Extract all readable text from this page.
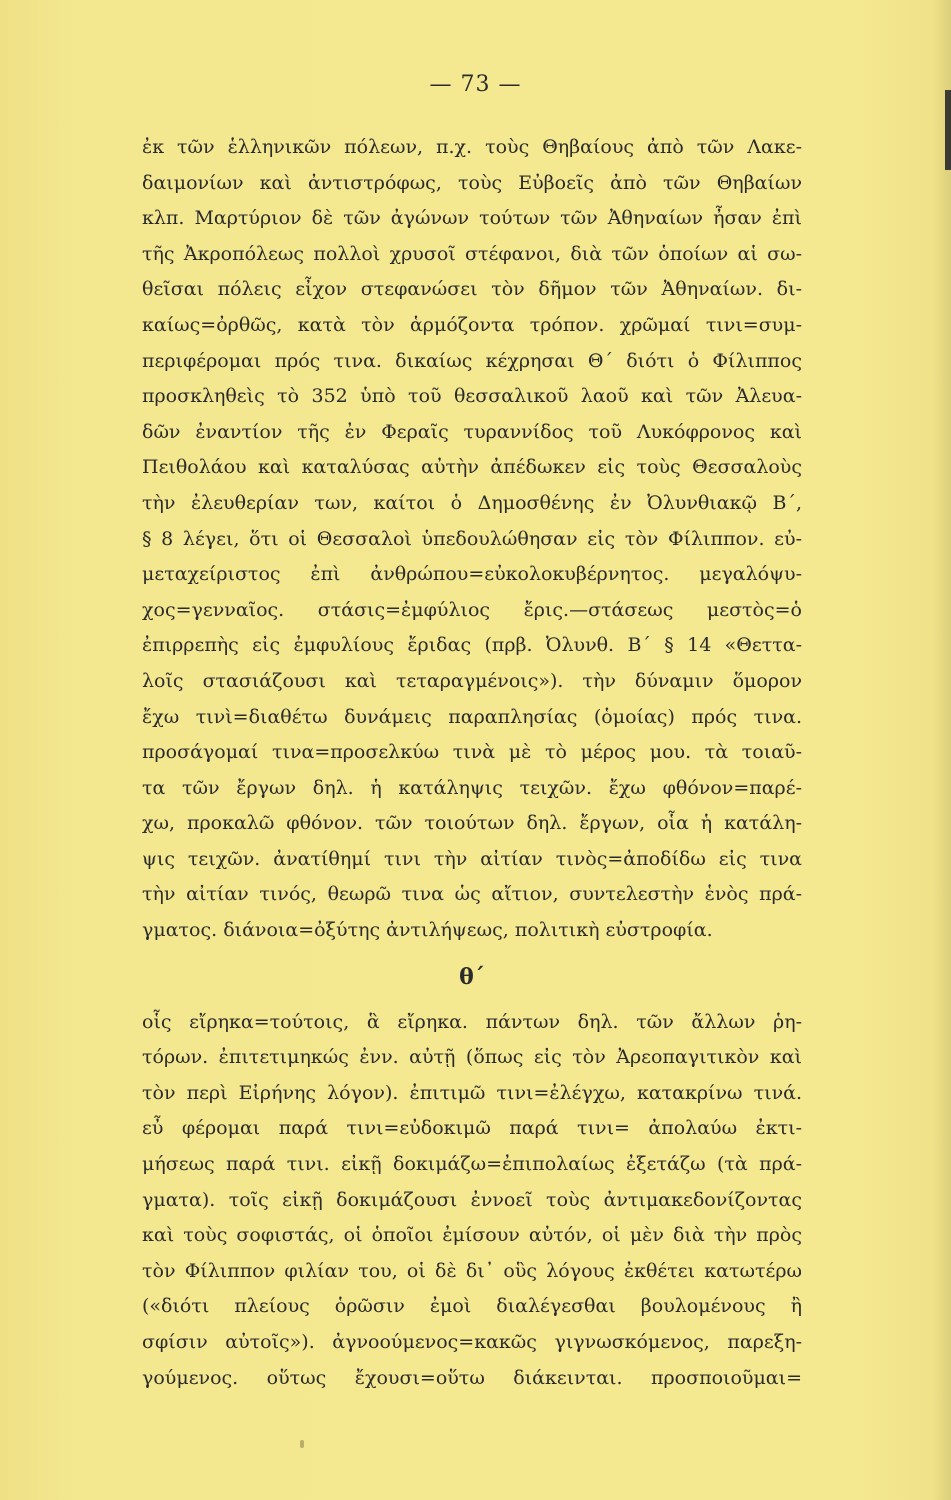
— 73 —
ἐκ τῶν ἑλληνικῶν πόλεων, π.χ. τοὺς Θηβαίους ἀπὸ τῶν Λακε-
δαιμονίων καὶ ἀντιστρόφως, τοὺς Εὐβοεῖς ἀπὸ τῶν Θηβαίων
κλπ. Μαρτύριον δὲ τῶν ἀγώνων τούτων τῶν Ἀθηναίων ἦσαν ἐπὶ
τῆς Ἀκροπόλεως πολλοὶ χρυσοῖ στέφανοι, διὰ τῶν ὁποίων αἱ σω-
θεῖσαι πόλεις εἶχον στεφανώσει τὸν δῆμον τῶν Ἀθηναίων. δι-
καίως=ὀρθῶς, κατὰ τὸν ἁρμόζοντα τρόπον. χρῶμαί τινι=συμ-
περιφέρομαι πρός τινα. δικαίως κέχρησαι Θ΄ διότι ὁ Φίλιππος
προσκληθεὶς τὸ 352 ὑπὸ τοῦ θεσσαλικοῦ λαοῦ καὶ τῶν Ἀλευα-
δῶν ἐναντίον τῆς ἐν Φεραῖς τυραννίδος τοῦ Λυκόφρονος καὶ
Πειθολάου καὶ καταλύσας αὐτὴν ἀπέδωκεν εἰς τοὺς Θεσσαλοὺς
τὴν ἐλευθερίαν των, καίτοι ὁ Δημοσθένης ἐν Ὀλυνθιακῷ Β΄,
§ 8 λέγει, ὅτι οἱ Θεσσαλοὶ ὑπεδουλώθησαν εἰς τὸν Φίλιππον. εὐ-
μεταχείριστος ἐπὶ ἀνθρώπου=εὐκολοκυβέρνητος. μεγαλόψυ-
χος=γενναῖος. στάσις=ἐμφύλιος ἔρις.—στάσεως μεστὸς=ὁ
ἐπιρρεπὴς εἰς ἐμφυλίους ἔριδας (πρβ. Ὀλυνθ. Β΄ § 14 «Θεττα-
λοῖς στασιάζουσι καὶ τεταραγμένοις»). τὴν δύναμιν ὅμορον
ἔχω τινὶ=διαθέτω δυνάμεις παραπλησίας (ὁμοίας) πρός τινα.
προσάγομαί τινα=προσελκύω τινὰ μὲ τὸ μέρος μου. τὰ τοιαῦ-
τα τῶν ἔργων δηλ. ἡ κατάληψις τειχῶν. ἔχω φθόνον=παρέ-
χω, προκαλῶ φθόνον. τῶν τοιούτων δηλ. ἔργων, οἷα ἡ κατάλη-
ψις τειχῶν. ἀνατίθημί τινι τὴν αἰτίαν τινὸς=ἀποδίδω εἰς τινα
τὴν αἰτίαν τινός, θεωρῶ τινα ὡς αἴτιον, συντελεστὴν ἑνὸς πρά-
γματος. διάνοια=ὀξύτης ἀντιλήψεως, πολιτικὴ εὐστροφία.
θ΄
οἷς εἴρηκα=τούτοις, ἃ εἴρηκα. πάντων δηλ. τῶν ἄλλων ῥη-
τόρων. ἐπιτετιμηκώς ἐνν. αὐτῇ (ὅπως εἰς τὸν Ἀρεοπαγιτικὸν καὶ
τὸν περὶ Εἰρήνης λόγον). ἐπιτιμῶ τινι=ἐλέγχω, κατακρίνω τινά.
εὖ φέρομαι παρά τινι=εὐδοκιμῶ παρά τινι= ἀπολαύω ἐκτι-
μήσεως παρά τινι. εἰκῇ δοκιμάζω=ἐπιπολαίως ἐξετάζω (τὰ πρά-
γματα). τοῖς εἰκῇ δοκιμάζουσι ἐννοεῖ τοὺς ἀντιμακεδονίζοντας
καὶ τοὺς σοφιστάς, οἱ ὁποῖοι ἐμίσουν αὐτόν, οἱ μὲν διὰ τὴν πρὸς
τὸν Φίλιππον φιλίαν του, οἱ δὲ δι᾽ οὓς λόγους ἐκθέτει κατωτέρω
(«διότι πλείους ὁρῶσιν ἐμοὶ διαλέγεσθαι βουλομένους ἢ
σφίσιν αὐτοῖς»). ἀγνοούμενος=κακῶς γιγνωσκόμενος, παρεξη-
γούμενος. οὕτως ἔχουσι=οὕτω διάκεινται. προσποιοῦμαι=
